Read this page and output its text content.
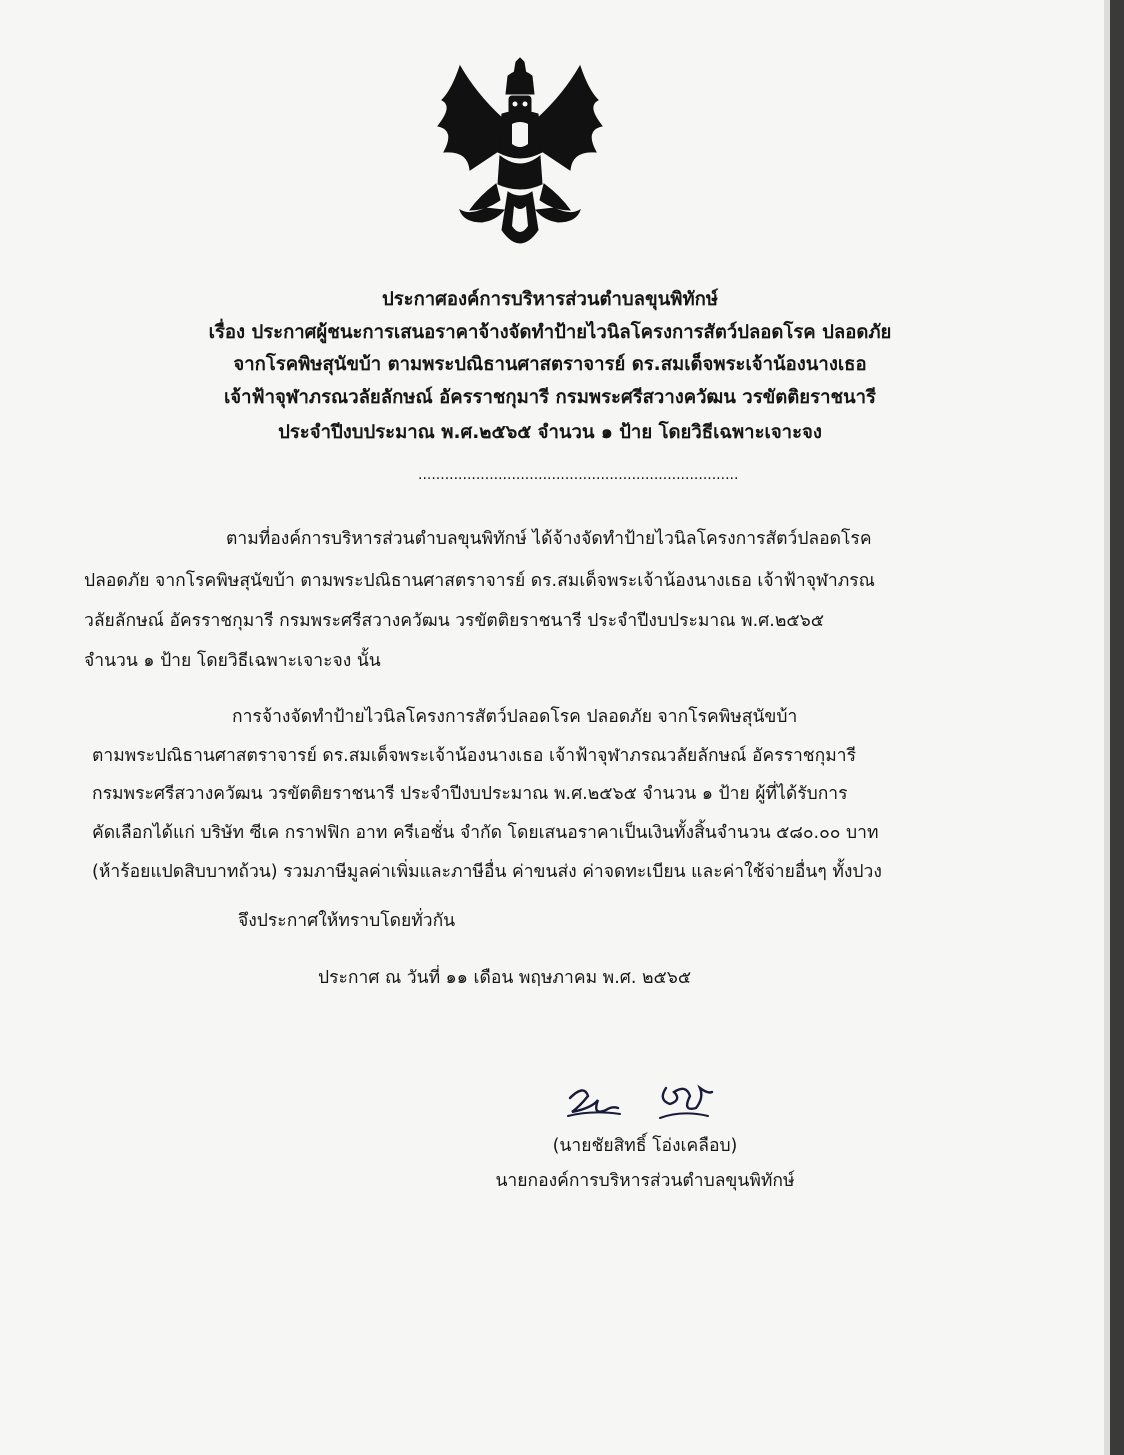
ประกาศองค์การบริหารส่วนตำบลขุนพิทักษ์
เรื่อง ประกาศผู้ชนะการเสนอราคาจ้างจัดทำป้ายไวนิลโครงการสัตว์ปลอดโรค ปลอดภัย
จากโรคพิษสุนัขบ้า ตามพระปณิธานศาสตราจารย์ ดร.สมเด็จพระเจ้าน้องนางเธอ
เจ้าฟ้าจุฬาภรณวลัยลักษณ์ อัครราชกุมารี กรมพระศรีสวางควัฒน วรขัตติยราชนารี
ประจำปีงบประมาณ พ.ศ.๒๕๖๕ จำนวน ๑ ป้าย โดยวิธีเฉพาะเจาะจง
........................................................................
ตามที่องค์การบริหารส่วนตำบลขุนพิทักษ์ ได้จ้างจัดทำป้ายไวนิลโครงการสัตว์ปลอดโรค
ปลอดภัย จากโรคพิษสุนัขบ้า ตามพระปณิธานศาสตราจารย์ ดร.สมเด็จพระเจ้าน้องนางเธอ เจ้าฟ้าจุฬาภรณ
วลัยลักษณ์ อัครราชกุมารี กรมพระศรีสวางควัฒน วรขัตติยราชนารี ประจำปีงบประมาณ พ.ศ.๒๕๖๕
จำนวน ๑ ป้าย โดยวิธีเฉพาะเจาะจง นั้น
การจ้างจัดทำป้ายไวนิลโครงการสัตว์ปลอดโรค ปลอดภัย จากโรคพิษสุนัขบ้า
ตามพระปณิธานศาสตราจารย์ ดร.สมเด็จพระเจ้าน้องนางเธอ เจ้าฟ้าจุฬาภรณวลัยลักษณ์ อัครราชกุมารี
กรมพระศรีสวางควัฒน วรขัตติยราชนารี ประจำปีงบประมาณ พ.ศ.๒๕๖๕ จำนวน ๑ ป้าย ผู้ที่ได้รับการ
คัดเลือกได้แก่ บริษัท ซีเค กราฟฟิก อาท ครีเอชั่น จำกัด โดยเสนอราคาเป็นเงินทั้งสิ้นจำนวน ๕๘๐.๐๐ บาท
(ห้าร้อยแปดสิบบาทถ้วน) รวมภาษีมูลค่าเพิ่มและภาษีอื่น ค่าขนส่ง ค่าจดทะเบียน และค่าใช้จ่ายอื่นๆ ทั้งปวง
จึงประกาศให้ทราบโดยทั่วกัน
ประกาศ ณ วันที่ ๑๑ เดือน พฤษภาคม พ.ศ. ๒๕๖๕
(นายชัยสิทธิ์ โอ่งเคลือบ)
นายกองค์การบริหารส่วนตำบลขุนพิทักษ์
